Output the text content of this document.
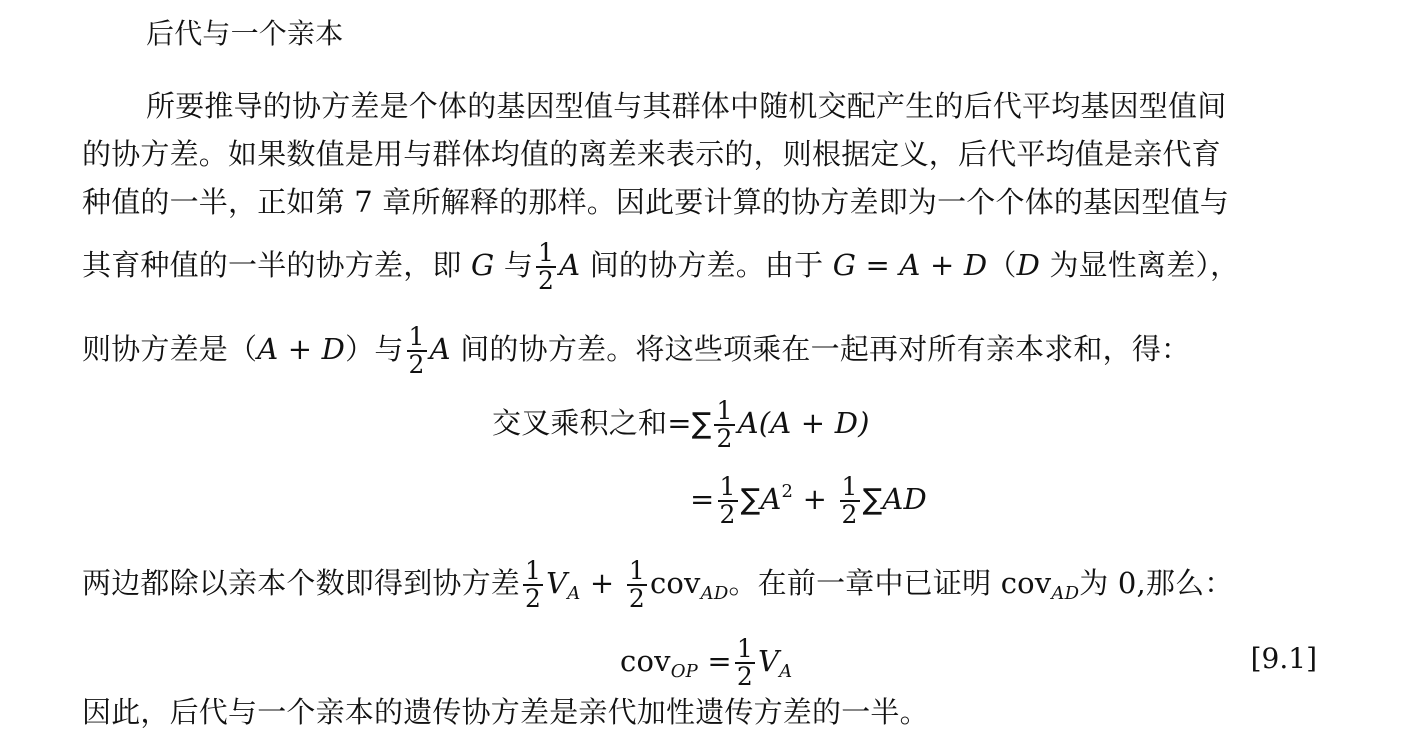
后代与一个亲本
所要推导的协方差是个体的基因型值与其群体中随机交配产生的后代平均基因型值间
的协方差。如果数值是用与群体均值的离差来表示的，则根据定义，后代平均值是亲代育
种值的一半，正如第 7 章所解释的那样。因此要计算的协方差即为一个个体的基因型值与
其育种值的一半的协方差，即 G 与 $\frac{1}{2}$ A 间的协方差。由于 G = A + D（D 为显性离差），
则协方差是（A + D）与 $\frac{1}{2}$ A 间的协方差。将这些项乘在一起再对所有亲本求和，得：
交叉乘积之和=∑ $\frac{1}{2} A(A + D)$
= $\frac{1}{2} \sum A^2 + \frac{1}{2} \sum AD$
两边都除以亲本个数即得到协方差 $\frac{1}{2} V_A + \frac{1}{2} cov_{AD}$。在前一章中已证明 cov$_{AD}$为 0,那么：
$cov_{OP} = \frac{1}{2} V_A$	[9.1]
因此，后代与一个亲本的遗传协方差是亲代加性遗传方差的一半。
